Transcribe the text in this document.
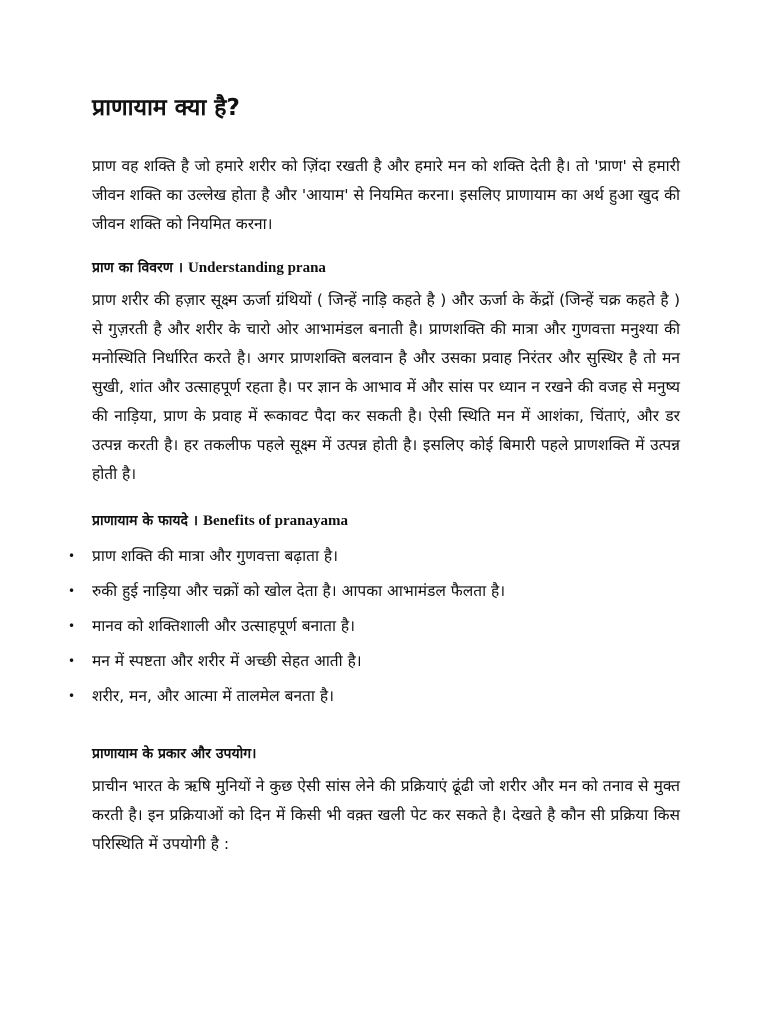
प्राणायाम क्या है?

प्राण वह शक्ति है जो हमारे शरीर को ज़िंदा रखती है और हमारे मन को शक्ति देती है। तो 'प्राण' से हमारी जीवन शक्ति का उल्लेख होता है और 'आयाम' से नियमित करना। इसलिए प्राणायाम का अर्थ हुआ खुद की जीवन शक्ति को नियमित करना।

प्राण का विवरण । Understanding prana

प्राण शरीर की हज़ार सूक्ष्म ऊर्जा ग्रंथियों ( जिन्हें नाड़ि कहते है ) और ऊर्जा के केंद्रों (जिन्हें चक्र कहते है ) से गुज़रती है और शरीर के चारो ओर आभामंडल बनाती है। प्राणशक्ति की मात्रा और गुणवत्ता मनुश्या की मनोस्थिति निर्धारित करते है। अगर प्राणशक्ति बलवान है और उसका प्रवाह निरंतर और सुस्थिर है तो मन सुखी, शांत और उत्साहपूर्ण रहता है। पर ज्ञान के आभाव में और सांस पर ध्यान न रखने की वजह से मनुष्य की नाड़िया, प्राण के प्रवाह में रूकावट पैदा कर सकती है। ऐसी स्थिति मन में आशंका, चिंताएं, और डर उत्पन्न करती है। हर तकलीफ पहले सूक्ष्म में उत्पन्न होती है। इसलिए कोई बिमारी पहले प्राणशक्ति में उत्पन्न होती है।

प्राणायाम के फायदे । Benefits of pranayama
• प्राण शक्ति की मात्रा और गुणवत्ता बढ़ाता है।
• रुकी हुई नाड़िया और चक्रों को खोल देता है। आपका आभामंडल फैलता है।
• मानव को शक्तिशाली और उत्साहपूर्ण बनाता है।
• मन में स्पष्टता और शरीर में अच्छी सेहत आती है।
• शरीर, मन, और आत्मा में तालमेल बनता है।
प्राणायाम के प्रकार और उपयोग।

प्राचीन भारत के ऋषि मुनियों ने कुछ ऐसी सांस लेने की प्रक्रियाएं ढूंढी जो शरीर और मन को तनाव से मुक्त करती है। इन प्रक्रियाओं को दिन में किसी भी वक़्त खली पेट कर सकते है। देखते है कौन सी प्रक्रिया किस परिस्थिति में उपयोगी है :
